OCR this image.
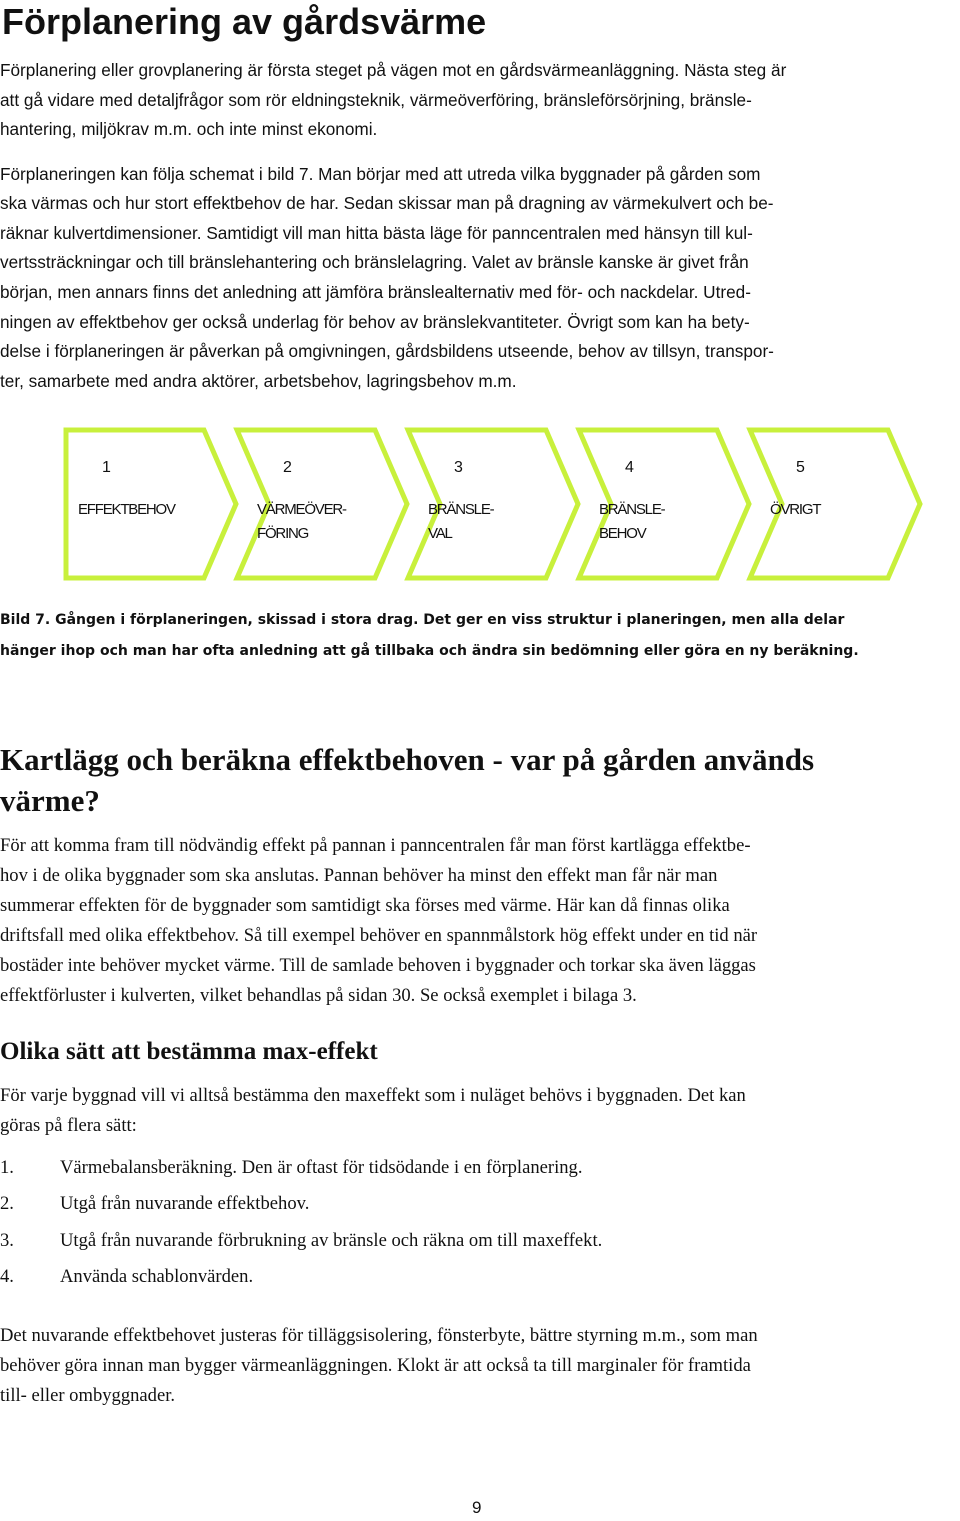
Förplanering av gårdsvärme

Förplanering eller grovplanering är första steget på vägen mot en gårdsvärmeanläggning. Nästa steg är

att gå vidare med detaljfrågor som rör eldningsteknik, värmeöverföring, bränsleförsörjning, bränsle-

hantering, miljökrav m.m. och inte minst ekonomi.

Förplaneringen kan följa schemat i bild 7. Man börjar med att utreda vilka byggnader på gården som

ska värmas och hur stort effektbehov de har. Sedan skissar man på dragning av värmekulvert och be-

räknar kulvertdimensioner. Samtidigt vill man hitta bästa läge för panncentralen med hänsyn till kul-

vertssträckningar och till bränslehantering och bränslelagring. Valet av bränsle kanske är givet från

början, men annars finns det anledning att jämföra bränslealternativ med för- och nackdelar. Utred-

ningen av effektbehov ger också underlag för behov av bränslekvantiteter. Övrigt som kan ha bety-

delse i förplaneringen är påverkan på omgivningen, gårdsbildens utseende, behov av tillsyn, transpor-

ter, samarbete med andra aktörer, arbetsbehov, lagringsbehov m.m.

1
EFFEKTBEHOV
2
VÄRMEÖVER-
FÖRING
3
BRÄNSLE-
VAL
4
BRÄNSLE-
BEHOV
5
ÖVRIGT

Bild 7. Gången i förplaneringen, skissad i stora drag. Det ger en viss struktur i planeringen, men alla delar

hänger ihop och man har ofta anledning att gå tillbaka och ändra sin bedömning eller göra en ny beräkning.

Kartlägg och beräkna effektbehoven - var på gården används
värme?

För att komma fram till nödvändig effekt på pannan i panncentralen får man först kartlägga effektbe-

hov i de olika byggnader som ska anslutas. Pannan behöver ha minst den effekt man får när man

summerar effekten för de byggnader som samtidigt ska förses med värme. Här kan då finnas olika

driftsfall med olika effektbehov. Så till exempel behöver en spannmålstork hög effekt under en tid när

bostäder inte behöver mycket värme. Till de samlade behoven i byggnader och torkar ska även läggas

effektförluster i kulverten, vilket behandlas på sidan 30. Se också exemplet i bilaga 3.

Olika sätt att bestämma max-effekt

För varje byggnad vill vi alltså bestämma den maxeffekt som i nuläget behövs i byggnaden. Det kan

göras på flera sätt:

1. Värmebalansberäkning. Den är oftast för tidsödande i en förplanering.
2. Utgå från nuvarande effektbehov.
3. Utgå från nuvarande förbrukning av bränsle och räkna om till maxeffekt.
4. Använda schablonvärden.

Det nuvarande effektbehovet justeras för tilläggsisolering, fönsterbyte, bättre styrning m.m., som man

behöver göra innan man bygger värmeanläggningen. Klokt är att också ta till marginaler för framtida

till- eller ombyggnader.

9
